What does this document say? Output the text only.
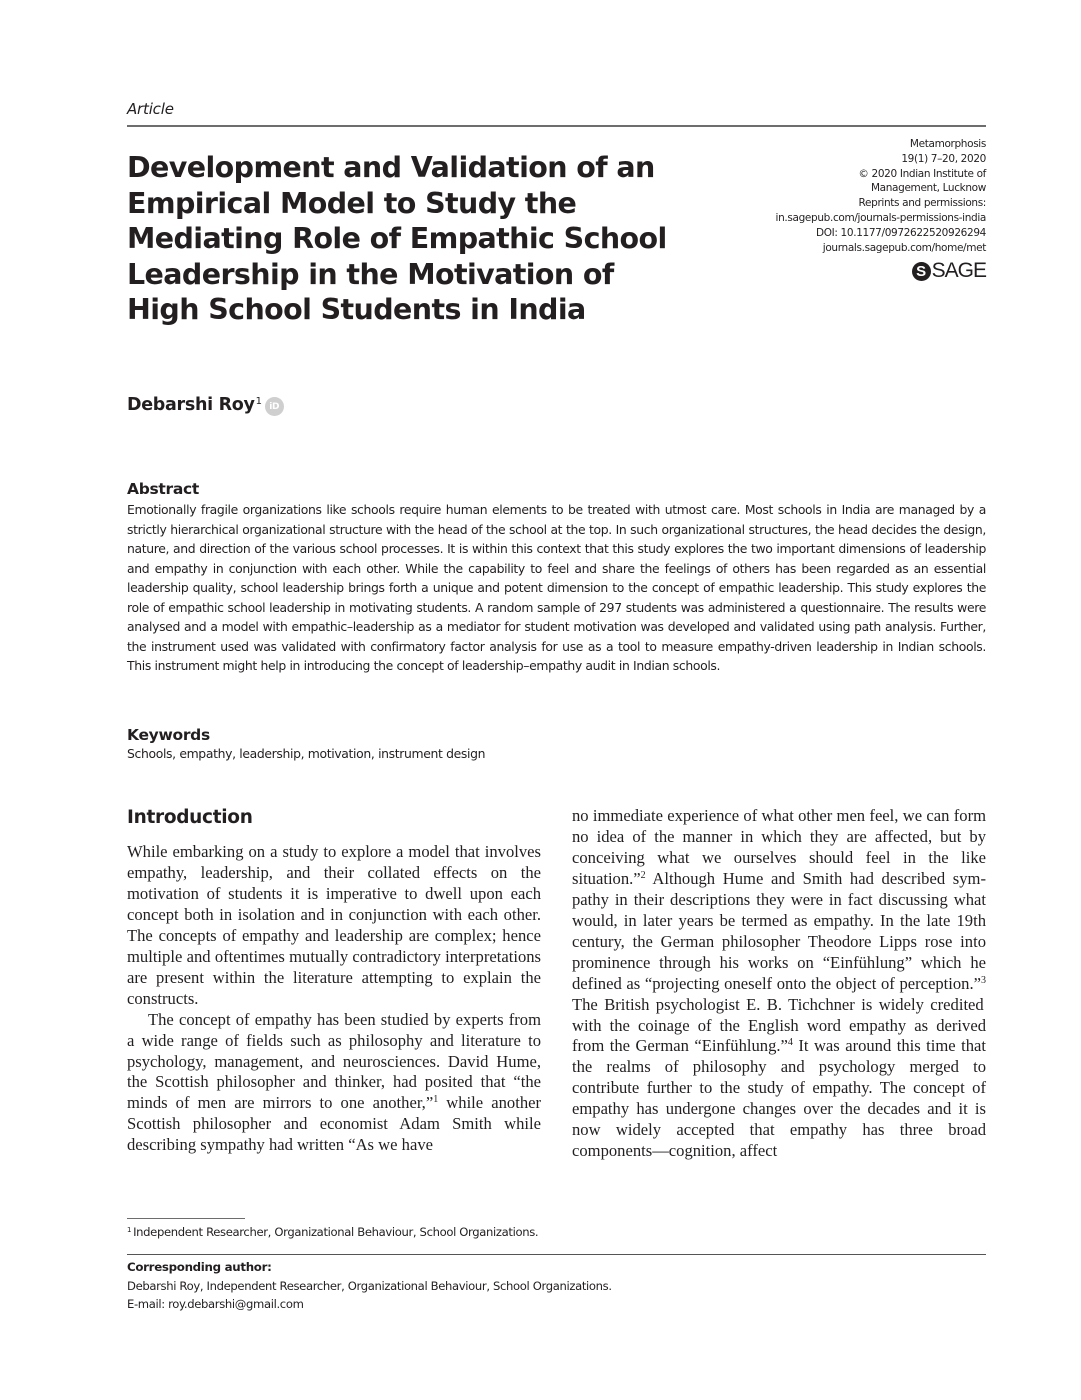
Article
Development and Validation of an
Empirical Model to Study the
Mediating Role of Empathic School
Leadership in the Motivation of
High School Students in India
Metamorphosis
19(1) 7–20, 2020
© 2020 Indian Institute of
Management, Lucknow
Reprints and permissions:
in.sagepub.com/journals-permissions-india
DOI: 10.1177/0972622520926294
journals.sagepub.com/home/met
S SAGE
Debarshi Roy$^1$ iD
Abstract

Emotionally fragile organizations like schools require human elements to be treated with utmost care. Most schools in India are managed by a strictly hierarchical organizational structure with the head of the school at the top. In such organizational structures, the head decides the design, nature, and direction of the various school processes. It is within this context that this study explores the two important dimensions of leadership and empathy in conjunction with each other. While the capability to feel and share the feelings of others has been regarded as an essential leadership quality, school leadership brings forth a unique and potent dimension to the concept of empathic leadership. This study explores the role of empathic school leadership in motivating students. A random sample of 297 students was administered a questionnaire. The results were analysed and a model with empathic–leadership as a mediator for student motivation was developed and validated using path analysis. Further, the instrument used was validated with confirmatory factor analysis for use as a tool to measure empathy-driven leadership in Indian schools. This instrument might help in introducing the concept of leadership–empathy audit in Indian schools.

Keywords
Schools, empathy, leadership, motivation, instrument design
Introduction

While embarking on a study to explore a model that involves empathy, leadership, and their collated effects on the motivation of students it is imperative to dwell upon each concept both in isolation and in conjunction with each other. The concepts of empathy and leadership are complex; hence multiple and oftentimes mutually contradictory interpretations are present within the literature attempting to explain the constructs.

The concept of empathy has been studied by experts from a wide range of fields such as philosophy and literature to psychology, management, and neurosciences. David Hume, the Scottish philosopher and thinker, had posited that “the minds of men are mirrors to one another,”$^1$ while another Scottish philosopher and economist Adam Smith while describing sympathy had written “As we have

no immediate experience of what other men feel, we can form no idea of the manner in which they are affected, but by conceiving what we ourselves should feel in the like situation.”$^2$ Although Hume and Smith had described sympathy in their descriptions they were in fact discussing what would, in later years be termed as empathy. In the late 19th century, the German philosopher Theodore Lipps rose into prominence through his works on “Einfühlung” which he defined as “projecting oneself onto the object of perception.”$^3$ The British psychologist E. B. Tichchner is widely credited with the coinage of the English word empathy as derived from the German “Einfühlung.”$^4$ It was around this time that the realms of philosophy and psychology merged to contribute further to the study of empathy. The concept of empathy has undergone changes over the decades and it is now widely accepted that empathy has three broad components—cognition, affect

$^1$ Independent Researcher, Organizational Behaviour, School Organizations.
Corresponding author:
Debarshi Roy, Independent Researcher, Organizational Behaviour, School Organizations.
E-mail: roy.debarshi@gmail.com
